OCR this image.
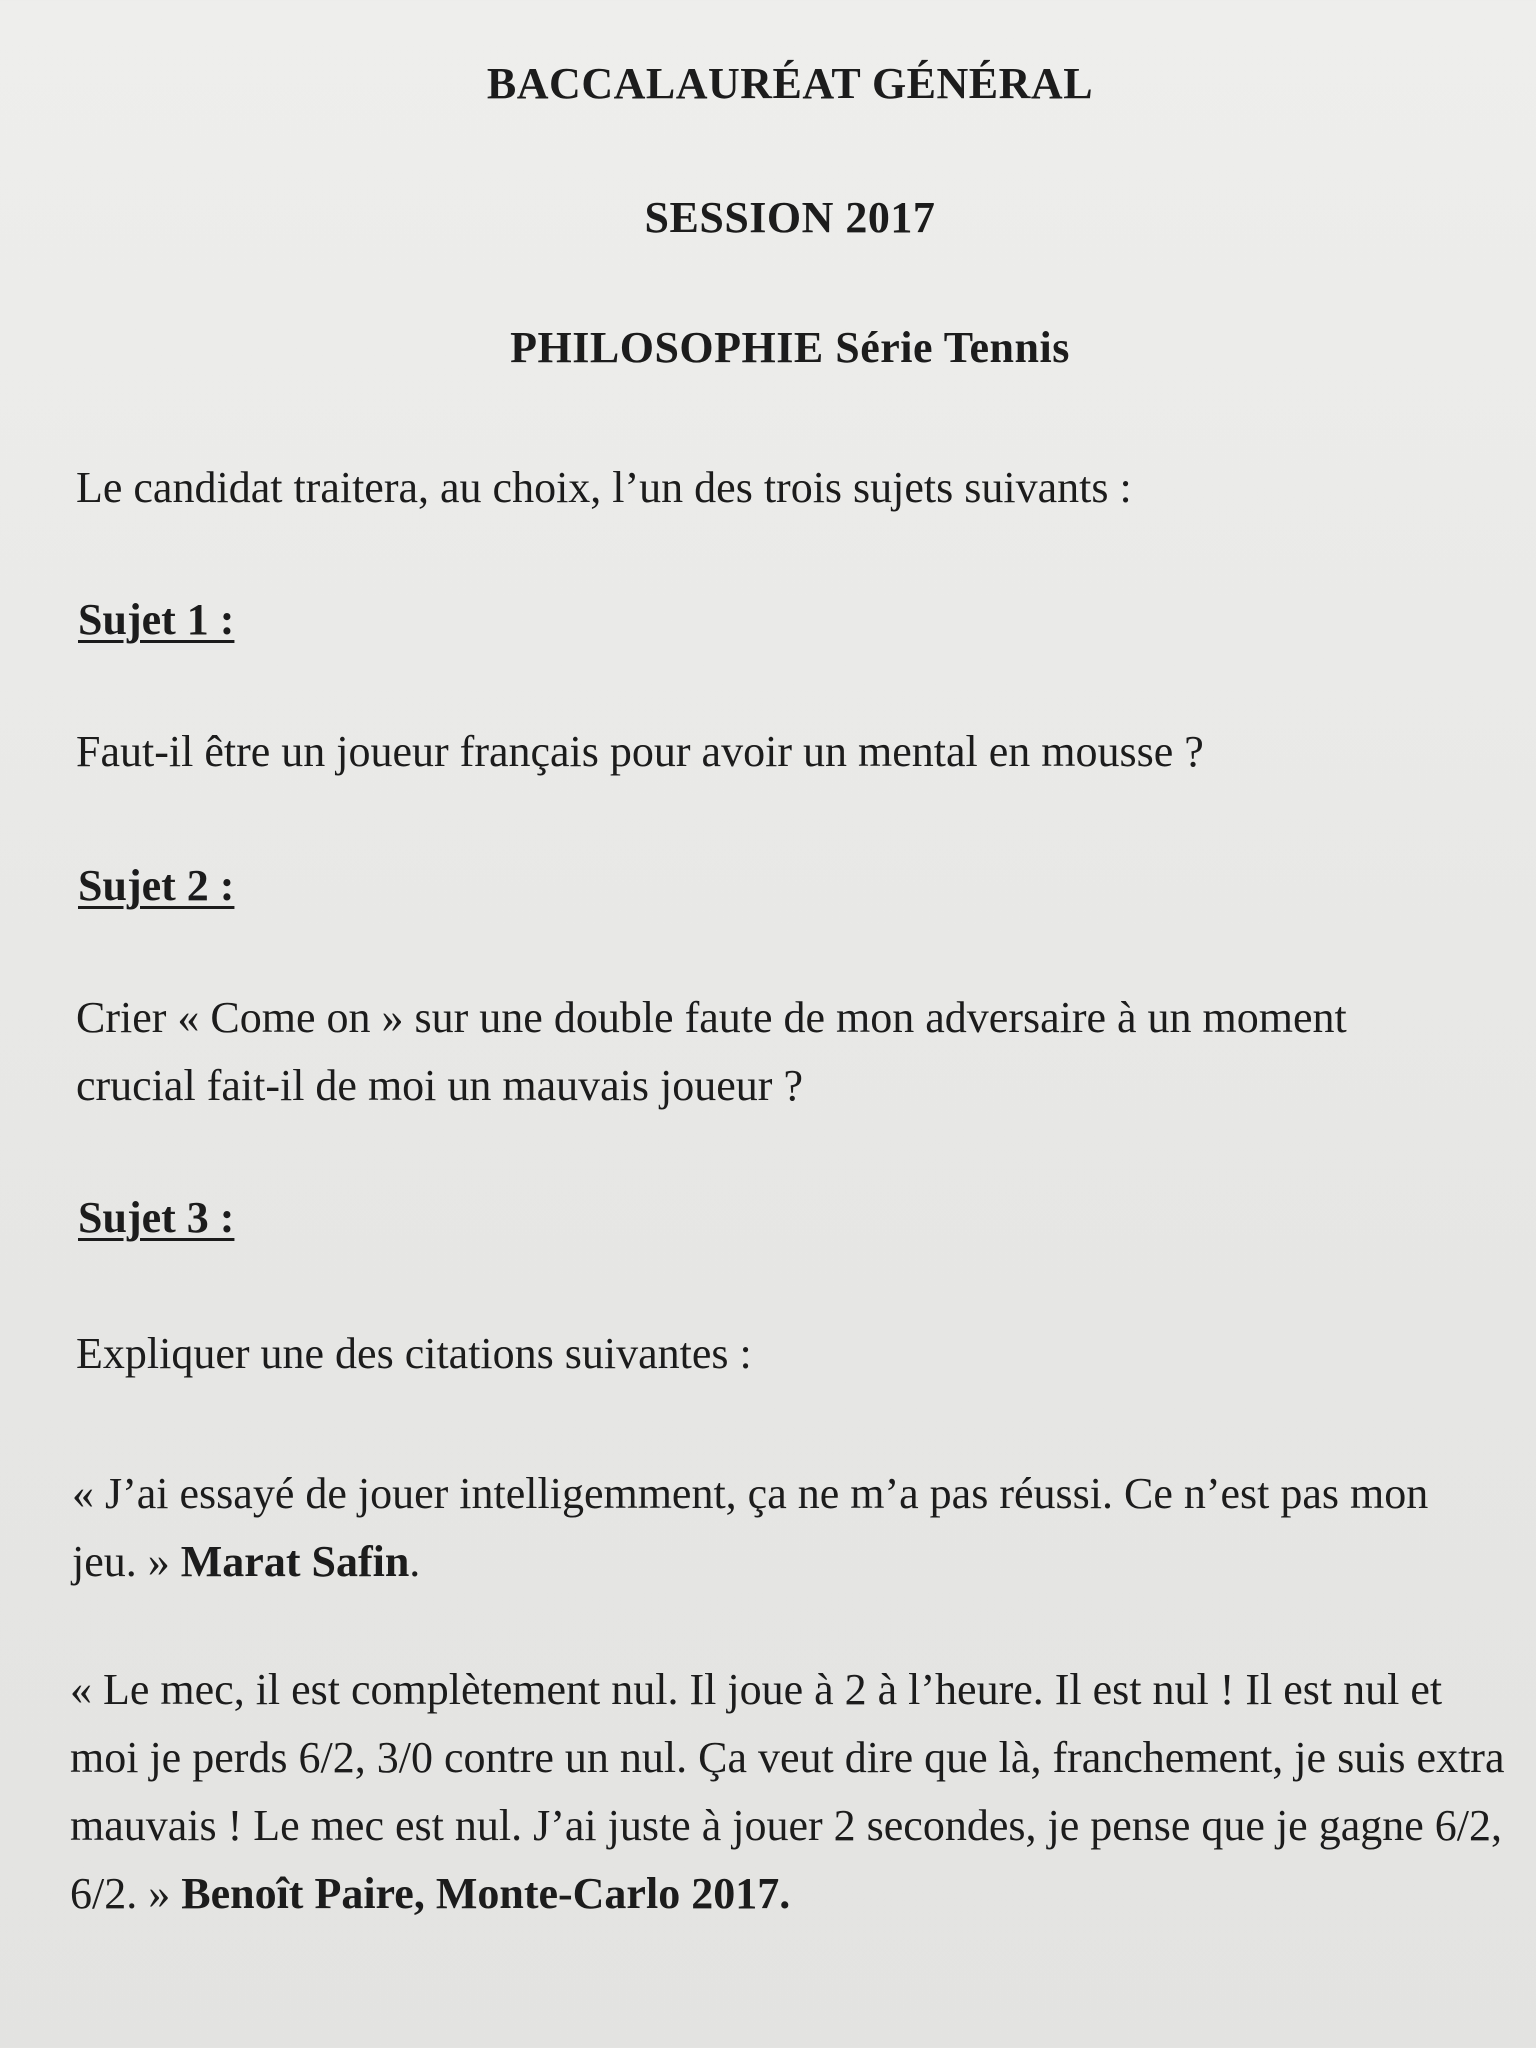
BACCALAURÉAT GÉNÉRAL
SESSION 2017
PHILOSOPHIE Série Tennis
Le candidat traitera, au choix, l’un des trois sujets suivants :
Sujet 1 :
Faut-il être un joueur français pour avoir un mental en mousse ?
Sujet 2 :
Crier « Come on » sur une double faute de mon adversaire à un moment crucial fait-il de moi un mauvais joueur ?
Sujet 3 :
Expliquer une des citations suivantes :
« J’ai essayé de jouer intelligemment, ça ne m’a pas réussi. Ce n’est pas mon jeu. » Marat Safin.
« Le mec, il est complètement nul. Il joue à 2 à l’heure. Il est nul ! Il est nul et moi je perds 6/2, 3/0 contre un nul. Ça veut dire que là, franchement, je suis extra mauvais ! Le mec est nul. J’ai juste à jouer 2 secondes, je pense que je gagne 6/2, 6/2. » Benoît Paire, Monte-Carlo 2017.
